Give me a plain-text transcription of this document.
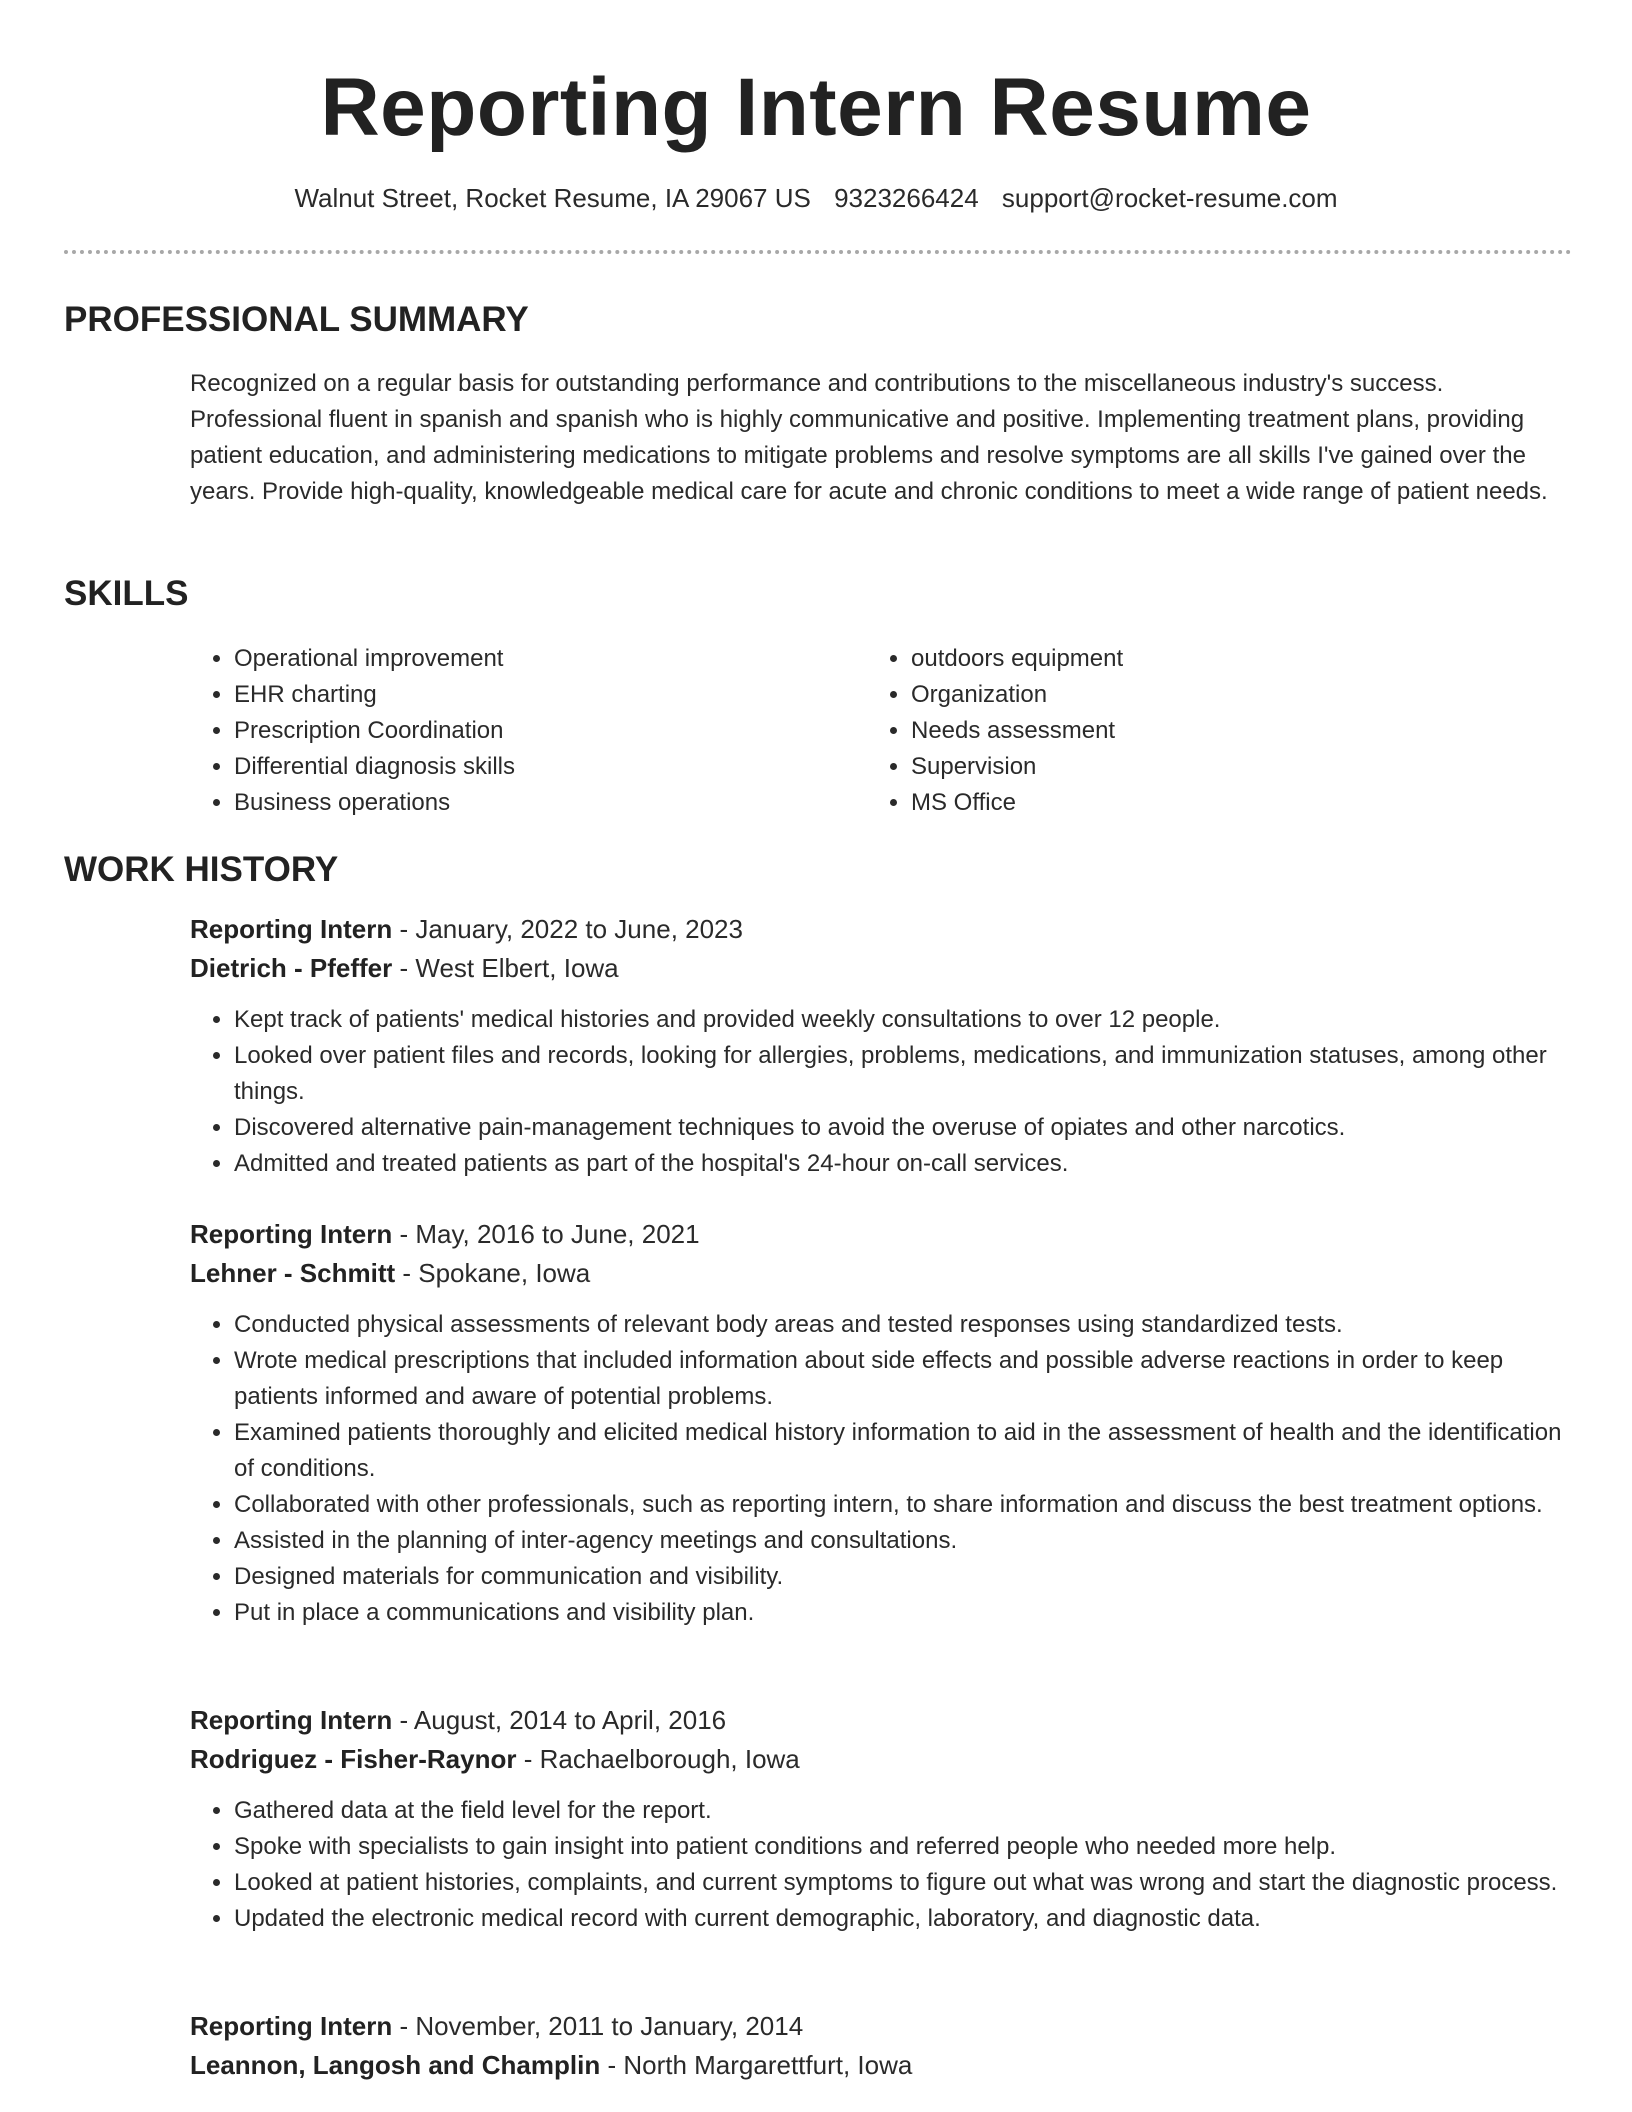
Reporting Intern Resume
Walnut Street, Rocket Resume, IA 29067 US 9323266424 support@rocket-resume.com
PROFESSIONAL SUMMARY

Recognized on a regular basis for outstanding performance and contributions to the miscellaneous industry's success. Professional fluent in spanish and spanish who is highly communicative and positive. Implementing treatment plans, providing patient education, and administering medications to mitigate problems and resolve symptoms are all skills I've gained over the years. Provide high-quality, knowledgeable medical care for acute and chronic conditions to meet a wide range of patient needs.

SKILLS
• Operational improvement
• EHR charting
• Prescription Coordination
• Differential diagnosis skills
• Business operations
• outdoors equipment
• Organization
• Needs assessment
• Supervision
• MS Office
WORK HISTORY
Reporting Intern - January, 2022 to June, 2023
Dietrich - Pfeffer - West Elbert, Iowa
• Kept track of patients' medical histories and provided weekly consultations to over 12 people.
• Looked over patient files and records, looking for allergies, problems, medications, and immunization statuses, among other things.
• Discovered alternative pain-management techniques to avoid the overuse of opiates and other narcotics.
• Admitted and treated patients as part of the hospital's 24-hour on-call services.
Reporting Intern - May, 2016 to June, 2021
Lehner - Schmitt - Spokane, Iowa
• Conducted physical assessments of relevant body areas and tested responses using standardized tests.
• Wrote medical prescriptions that included information about side effects and possible adverse reactions in order to keep patients informed and aware of potential problems.
• Examined patients thoroughly and elicited medical history information to aid in the assessment of health and the identification of conditions.
• Collaborated with other professionals, such as reporting intern, to share information and discuss the best treatment options.
• Assisted in the planning of inter-agency meetings and consultations.
• Designed materials for communication and visibility.
• Put in place a communications and visibility plan.
Reporting Intern - August, 2014 to April, 2016
Rodriguez - Fisher-Raynor - Rachaelborough, Iowa
• Gathered data at the field level for the report.
• Spoke with specialists to gain insight into patient conditions and referred people who needed more help.
• Looked at patient histories, complaints, and current symptoms to figure out what was wrong and start the diagnostic process.
• Updated the electronic medical record with current demographic, laboratory, and diagnostic data.
Reporting Intern - November, 2011 to January, 2014
Leannon, Langosh and Champlin - North Margarettfurt, Iowa
